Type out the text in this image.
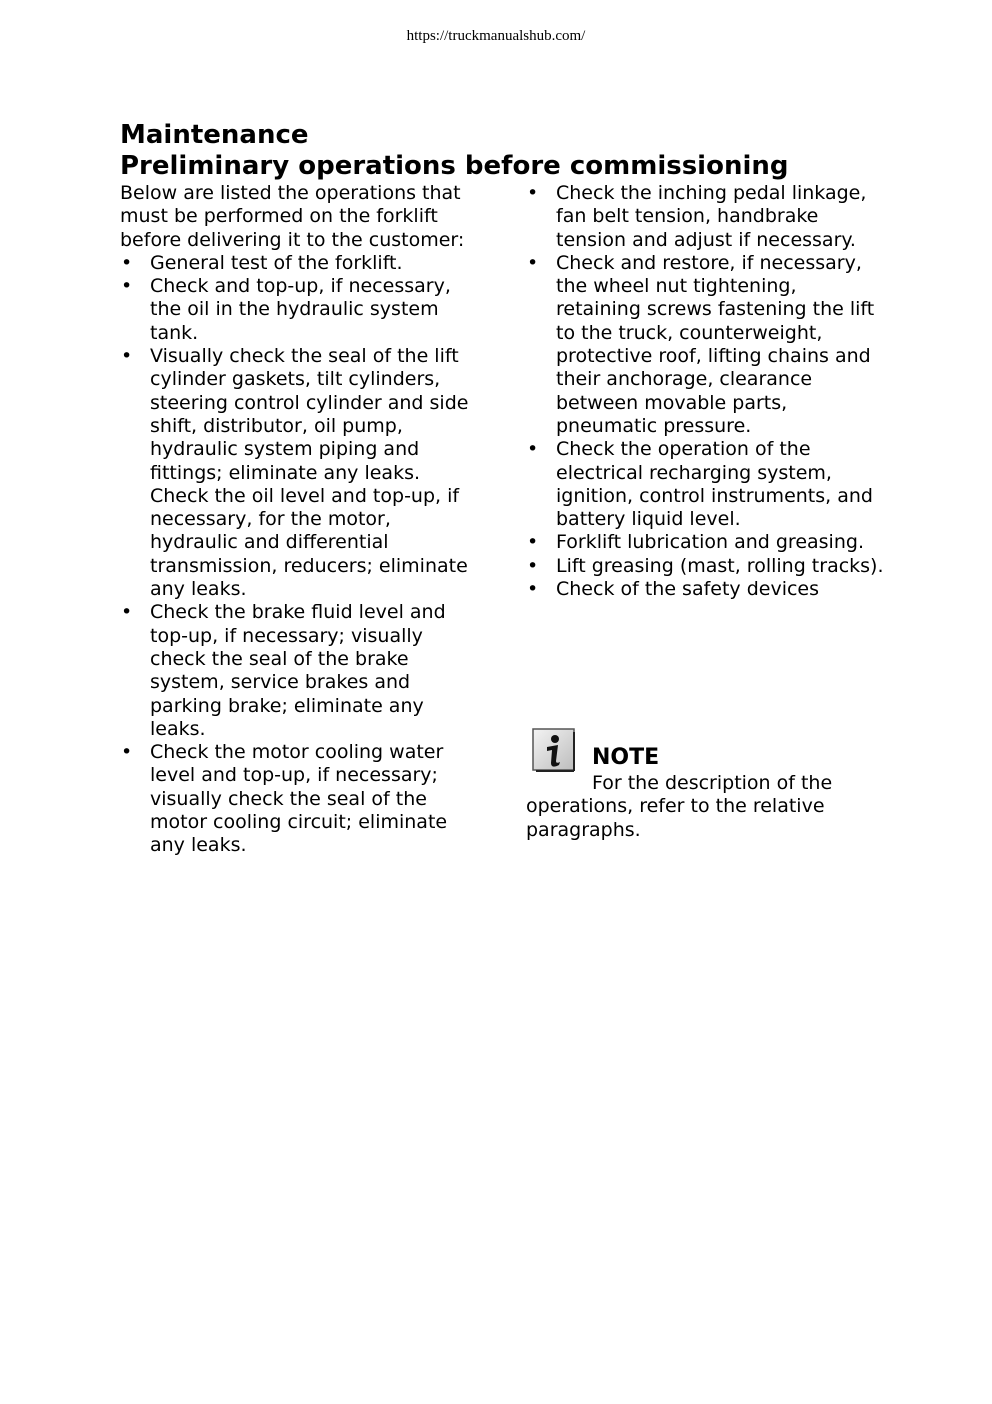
https://truckmanualshub.com/
Maintenance
Preliminary operations before commissioning

Below are listed the operations that must be performed on the forklift before delivering it to the customer:

• General test of the forklift.
• Check and top-up, if necessary, the oil in the hydraulic system tank.
• Visually check the seal of the lift cylinder gaskets, tilt cylinders, steering control cylinder and side shift, distributor, oil pump, hydraulic system piping and fittings; eliminate any leaks. Check the oil level and top-up, if necessary, for the motor, hydraulic and differential transmission, reducers; eliminate any leaks.
• Check the brake fluid level and top-up, if necessary; visually check the seal of the brake system, service brakes and parking brake; eliminate any leaks.
• Check the motor cooling water level and top-up, if necessary; visually check the seal of the motor cooling circuit; eliminate any leaks.
• Check the inching pedal linkage, fan belt tension, handbrake tension and adjust if necessary.
• Check and restore, if necessary, the wheel nut tightening, retaining screws fastening the lift to the truck, counterweight, protective roof, lifting chains and their anchorage, clearance between movable parts, pneumatic pressure.
• Check the operation of the electrical recharging system, ignition, control instruments, and battery liquid level.
• Forklift lubrication and greasing.
• Lift greasing (mast, rolling tracks).
• Check of the safety devices
NOTE

For the description of the operations, refer to the relative paragraphs.
